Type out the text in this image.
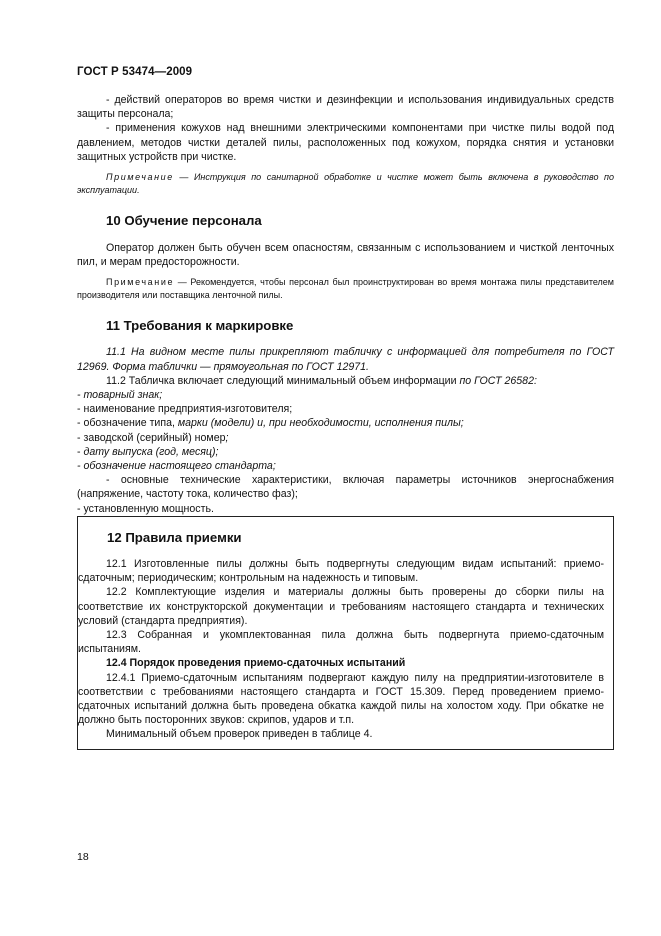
ГОСТ Р 53474—2009

- действий операторов во время чистки и дезинфекции и использования индивидуальных средств защиты персонала;

- применения кожухов над внешними электрическими компонентами при чистке пилы водой под давлением, методов чистки деталей пилы, расположенных под кожухом, порядка снятия и установки защитных устройств при чистке.

Примечание — Инструкция по санитарной обработке и чистке может быть включена в руководство по эксплуатации.

10 Обучение персонала

Оператор должен быть обучен всем опасностям, связанным с использованием и чисткой ленточных пил, и мерам предосторожности.

Примечание — Рекомендуется, чтобы персонал был проинструктирован во время монтажа пилы представителем производителя или поставщика ленточной пилы.

11 Требования к маркировке

11.1 На видном месте пилы прикрепляют табличку с информацией для потребителя по ГОСТ 12969. Форма таблички — прямоугольная по ГОСТ 12971.

11.2 Табличка включает следующий минимальный объем информации по ГОСТ 26582:

- товарный знак;

- наименование предприятия-изготовителя;

- обозначение типа, марки (модели) и, при необходимости, исполнения пилы;

- заводской (серийный) номер;

- дату выпуска (год, месяц);

- обозначение настоящего стандарта;

- основные технические характеристики, включая параметры источников энергоснабжения (напряжение, частоту тока, количество фаз);

- установленную мощность.

12 Правила приемки

12.1 Изготовленные пилы должны быть подвергнуты следующим видам испытаний: приемо-сдаточным; периодическим; контрольным на надежность и типовым.

12.2 Комплектующие изделия и материалы должны быть проверены до сборки пилы на соответствие их конструкторской документации и требованиям настоящего стандарта и технических условий (стандарта предприятия).

12.3 Собранная и укомплектованная пила должна быть подвергнута приемо-сдаточным испытаниям.

12.4 Порядок проведения приемо-сдаточных испытаний

12.4.1 Приемо-сдаточным испытаниям подвергают каждую пилу на предприятии-изготовителе в соответствии с требованиями настоящего стандарта и ГОСТ 15.309. Перед проведением приемо-сдаточных испытаний должна быть проведена обкатка каждой пилы на холостом ходу. При обкатке не должно быть посторонних звуков: скрипов, ударов и т.п.

Минимальный объем проверок приведен в таблице 4.

18
